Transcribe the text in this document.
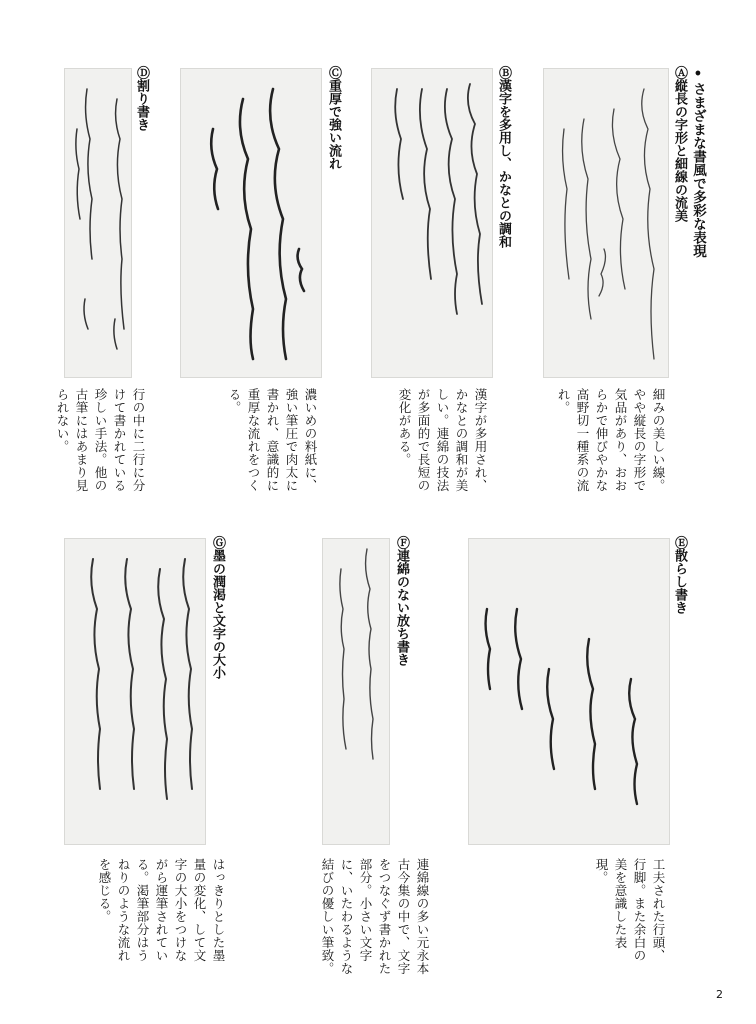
•さまざまな書風で多彩な表現
Ⓐ縦長の字形と細線の流美
細みの美しい線。やや縦長の字形で気品があり、おおらかで伸びやかな高野切一種系の流れ。
Ⓑ漢字を多用し、かなとの調和
漢字が多用され、かなとの調和が美しい。連綿の技法が多面的で長短の変化がある。
Ⓒ重厚で強い流れ
濃いめの料紙に、強い筆圧で肉太に書かれ、意識的に重厚な流れをつくる。
Ⓓ割り書き
行の中に二行に分けて書かれている珍しい手法。他の古筆にはあまり見られない。
Ⓔ散らし書き
工夫された行頭、行脚。また余白の美を意識した表現。
Ⓕ連綿のない放ち書き
連綿線の多い元永本古今集の中で、文字をつなぐず書かれた部分。小さい文字に、いたわるような結びの優しい筆致。
Ⓖ墨の潤渇と文字の大小
はっきりとした墨量の変化、して文字の大小をつけながら運筆されている。渇筆部分はうねりのような流れを感じる。
2
